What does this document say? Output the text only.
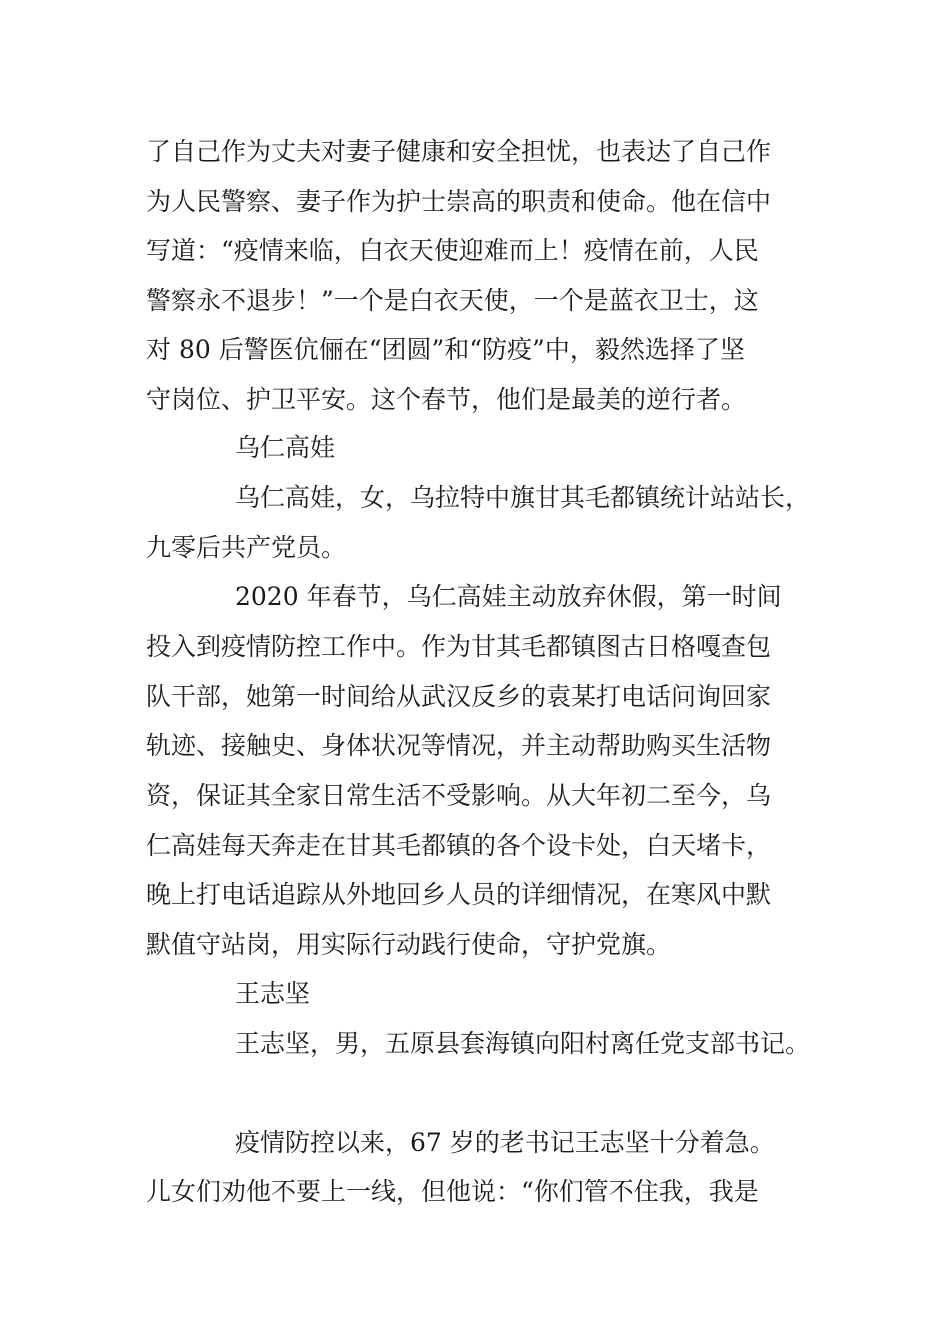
了自己作为丈夫对妻子健康和安全担忧，也表达了自己作
为人民警察、妻子作为护士崇高的职责和使命。他在信中
写道：“疫情来临，白衣天使迎难而上！疫情在前，人民
警察永不退步！”一个是白衣天使，一个是蓝衣卫士，这
对 80 后警医伉俪在“团圆”和“防疫”中，毅然选择了坚
守岗位、护卫平安。这个春节，他们是最美的逆行者。
乌仁高娃
乌仁高娃，女，乌拉特中旗甘其毛都镇统计站站长，
九零后共产党员。
2020 年春节，乌仁高娃主动放弃休假，第一时间
投入到疫情防控工作中。作为甘其毛都镇图古日格嘎查包
队干部，她第一时间给从武汉反乡的袁某打电话问询回家
轨迹、接触史、身体状况等情况，并主动帮助购买生活物
资，保证其全家日常生活不受影响。从大年初二至今，乌
仁高娃每天奔走在甘其毛都镇的各个设卡处，白天堵卡，
晚上打电话追踪从外地回乡人员的详细情况，在寒风中默
默值守站岗，用实际行动践行使命，守护党旗。
王志坚
王志坚，男，五原县套海镇向阳村离任党支部书记。
疫情防控以来，67 岁的老书记王志坚十分着急。
儿女们劝他不要上一线，但他说：“你们管不住我，我是
